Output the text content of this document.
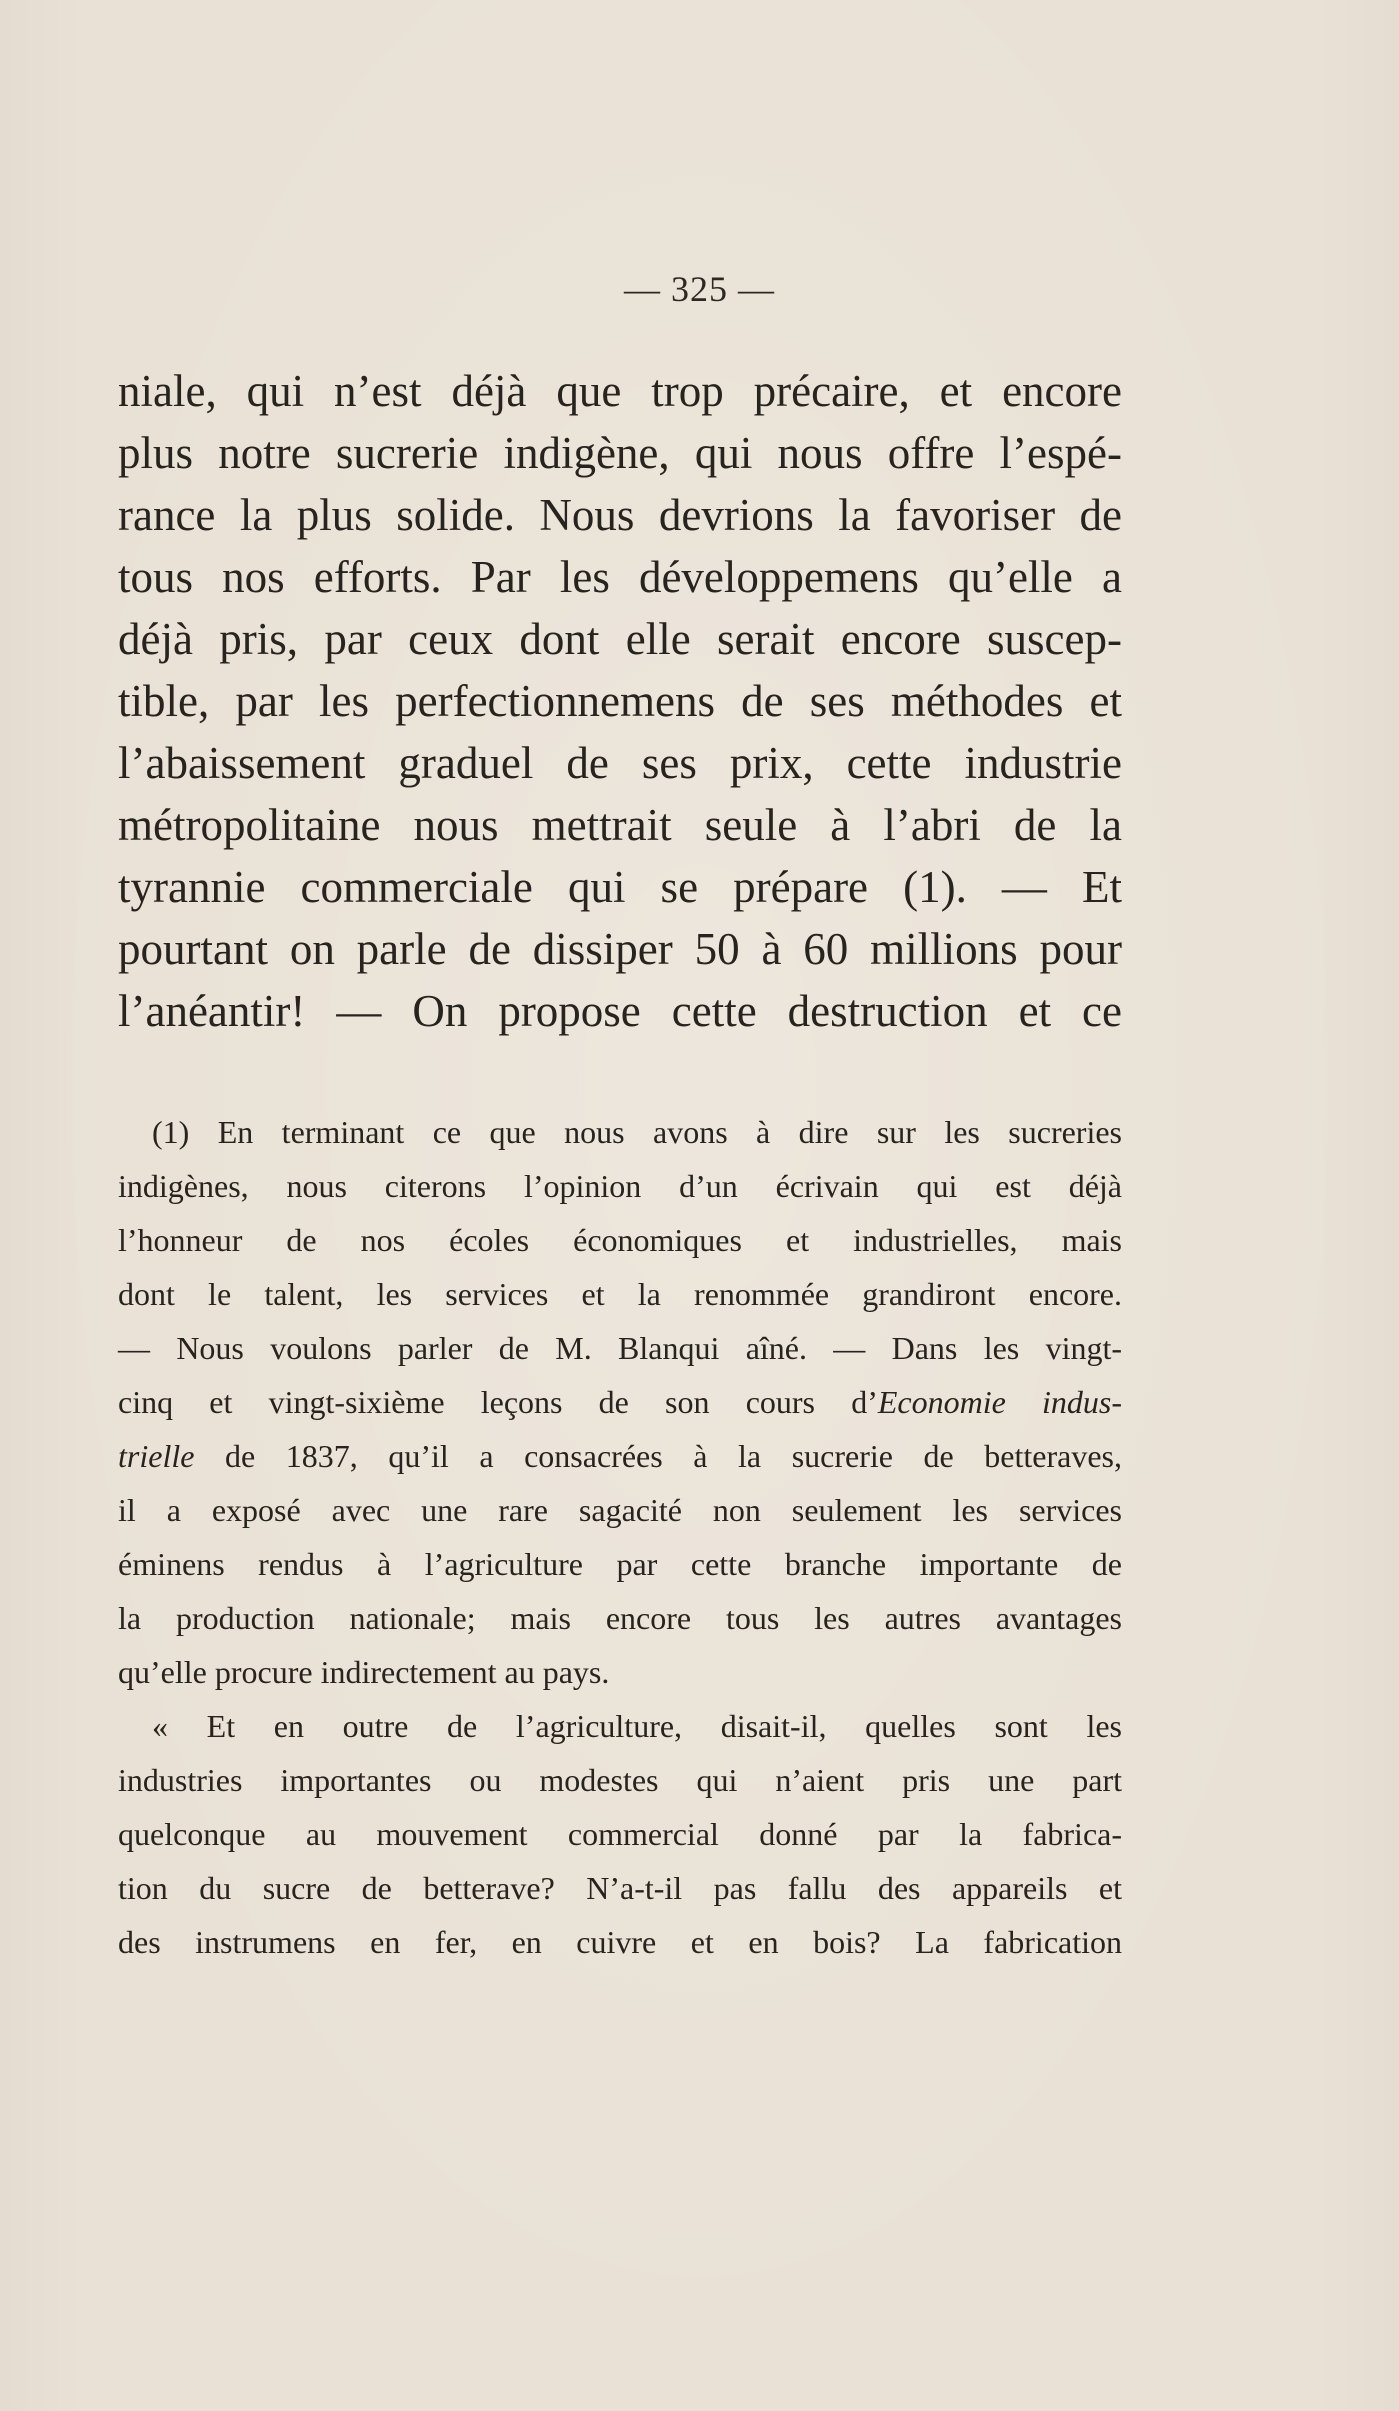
— 325 —
niale, qui n’est déjà que trop précaire, et encore
plus notre sucrerie indigène, qui nous offre l’espé-
rance la plus solide. Nous devrions la favoriser de
tous nos efforts. Par les développemens qu’elle a
déjà pris, par ceux dont elle serait encore suscep-
tible, par les perfectionnemens de ses méthodes et
l’abaissement graduel de ses prix, cette industrie
métropolitaine nous mettrait seule à l’abri de la
tyrannie commerciale qui se prépare (1). — Et
pourtant on parle de dissiper 50 à 60 millions pour
l’anéantir! — On propose cette destruction et ce
(1) En terminant ce que nous avons à dire sur les sucreries
indigènes, nous citerons l’opinion d’un écrivain qui est déjà
l’honneur de nos écoles économiques et industrielles, mais
dont le talent, les services et la renommée grandiront encore.
— Nous voulons parler de M. Blanqui aîné. — Dans les vingt-
cinq et vingt-sixième leçons de son cours d’Economie indus-
trielle de 1837, qu’il a consacrées à la sucrerie de betteraves,
il a exposé avec une rare sagacité non seulement les services
éminens rendus à l’agriculture par cette branche importante de
la production nationale; mais encore tous les autres avantages
qu’elle procure indirectement au pays.
« Et en outre de l’agriculture, disait-il, quelles sont les
industries importantes ou modestes qui n’aient pris une part
quelconque au mouvement commercial donné par la fabrica-
tion du sucre de betterave? N’a-t-il pas fallu des appareils et
des instrumens en fer, en cuivre et en bois? La fabrication
